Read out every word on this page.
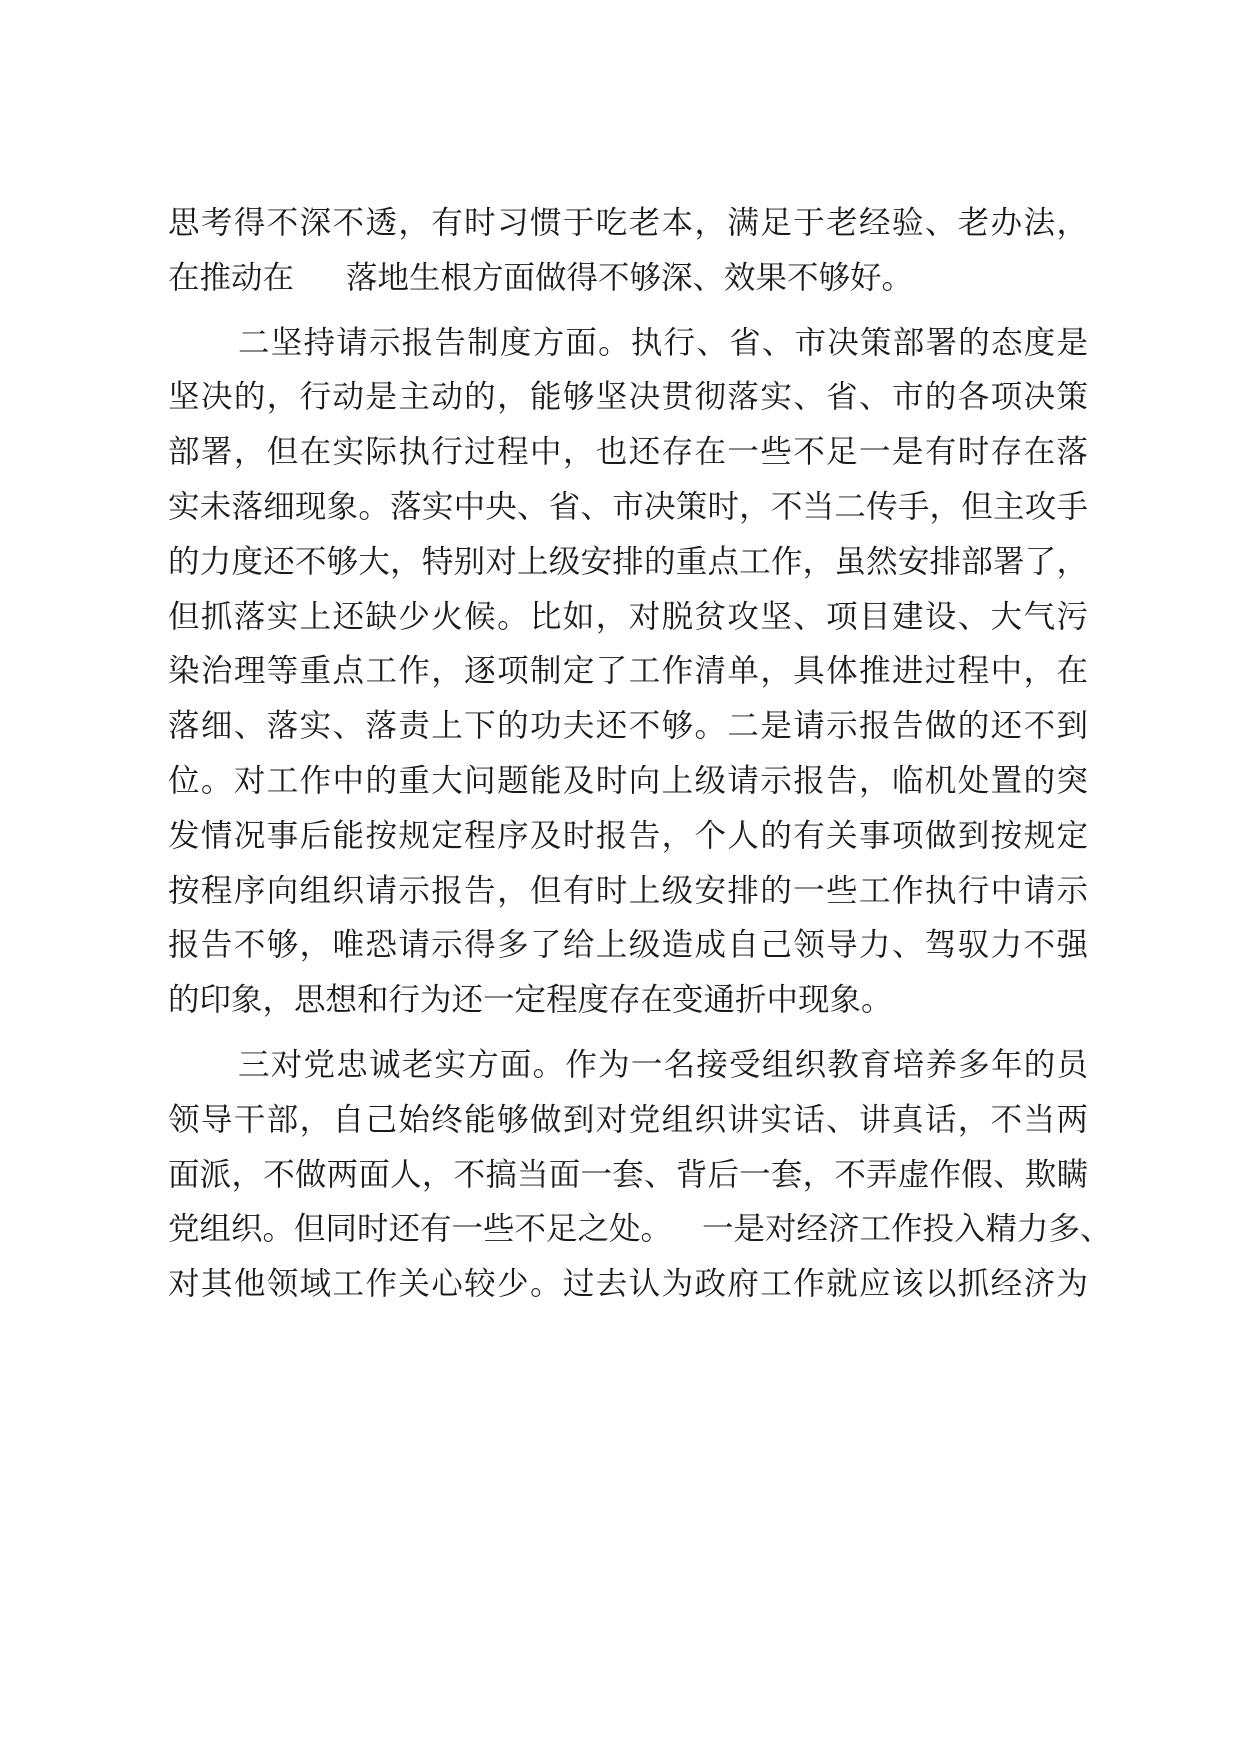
思考得不深不透，有时习惯于吃老本，满足于老经验、老办法，
在推动在 落地生根方面做得不够深、效果不够好。
二坚持请示报告制度方面。执行、省、市决策部署的态度是
坚决的，行动是主动的，能够坚决贯彻落实、省、市的各项决策
部署，但在实际执行过程中，也还存在一些不足一是有时存在落
实未落细现象。落实中央、省、市决策时，不当二传手，但主攻手
的力度还不够大，特别对上级安排的重点工作，虽然安排部署了，
但抓落实上还缺少火候。比如，对脱贫攻坚、项目建设、大气污
染治理等重点工作，逐项制定了工作清单，具体推进过程中，在
落细、落实、落责上下的功夫还不够。二是请示报告做的还不到
位。对工作中的重大问题能及时向上级请示报告，临机处置的突
发情况事后能按规定程序及时报告，个人的有关事项做到按规定
按程序向组织请示报告，但有时上级安排的一些工作执行中请示
报告不够，唯恐请示得多了给上级造成自己领导力、驾驭力不强
的印象，思想和行为还一定程度存在变通折中现象。
三对党忠诚老实方面。作为一名接受组织教育培养多年的员
领导干部，自己始终能够做到对党组织讲实话、讲真话，不当两
面派，不做两面人，不搞当面一套、背后一套，不弄虚作假、欺瞒
党组织。但同时还有一些不足之处。 一是对经济工作投入精力多、
对其他领域工作关心较少。过去认为政府工作就应该以抓经济为
